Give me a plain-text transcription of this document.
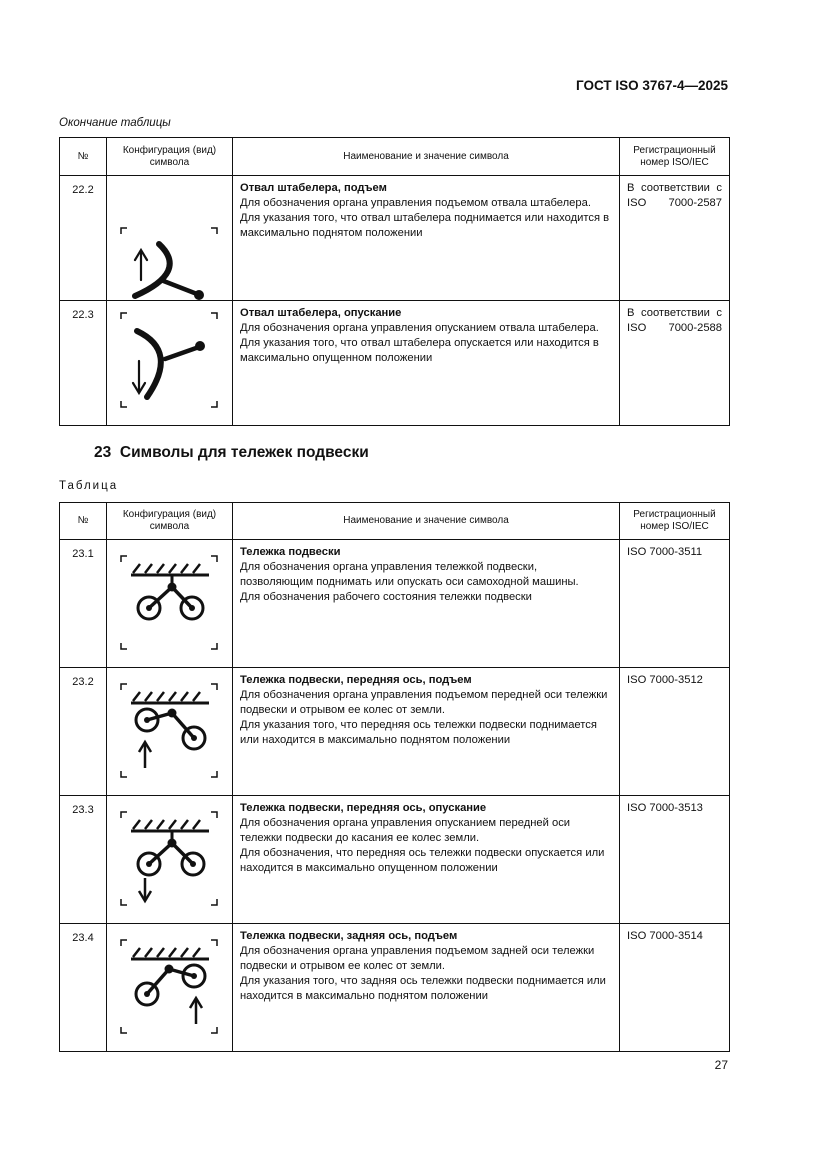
ГОСТ ISO 3767-4—2025
Окончание таблицы
№	Конфигурация (вид) символа	Наименование и значение символа	Регистрационный номер ISO/IEC
22.2		Отвал штабелера, подъем
Для обозначения органа управления подъемом отвала штабелера.
Для указания того, что отвал штабелера поднимается или находится в максимально поднятом положении	В соответствии с ISO 7000-2587
22.3		Отвал штабелера, опускание
Для обозначения органа управления опусканием отвала штабелера.
Для указания того, что отвал штабелера опускается или находится в максимально опущенном положении	В соответствии с ISO 7000-2588
23 Символы для тележек подвески
Таблица
№	Конфигурация (вид) символа	Наименование и значение символа	Регистрационный номер ISO/IEC
23.1		Тележка подвески
Для обозначения органа управления тележкой подвески, позволяющим поднимать или опускать оси самоходной машины.
Для обозначения рабочего состояния тележки подвески	ISO 7000-3511
23.2		Тележка подвески, передняя ось, подъем
Для обозначения органа управления подъемом передней оси тележки подвески и отрывом ее колес от земли.
Для указания того, что передняя ось тележки подвески поднимается или находится в максимально поднятом положении	ISO 7000-3512
23.3		Тележка подвески, передняя ось, опускание
Для обозначения органа управления опусканием передней оси тележки подвески до касания ее колес земли.
Для обозначения, что передняя ось тележки подвески опускается или находится в максимально опущенном положении	ISO 7000-3513
23.4		Тележка подвески, задняя ось, подъем
Для обозначения органа управления подъемом задней оси тележки подвески и отрывом ее колес от земли.
Для указания того, что задняя ось тележки подвески поднимается или находится в максимально поднятом положении	ISO 7000-3514
27
